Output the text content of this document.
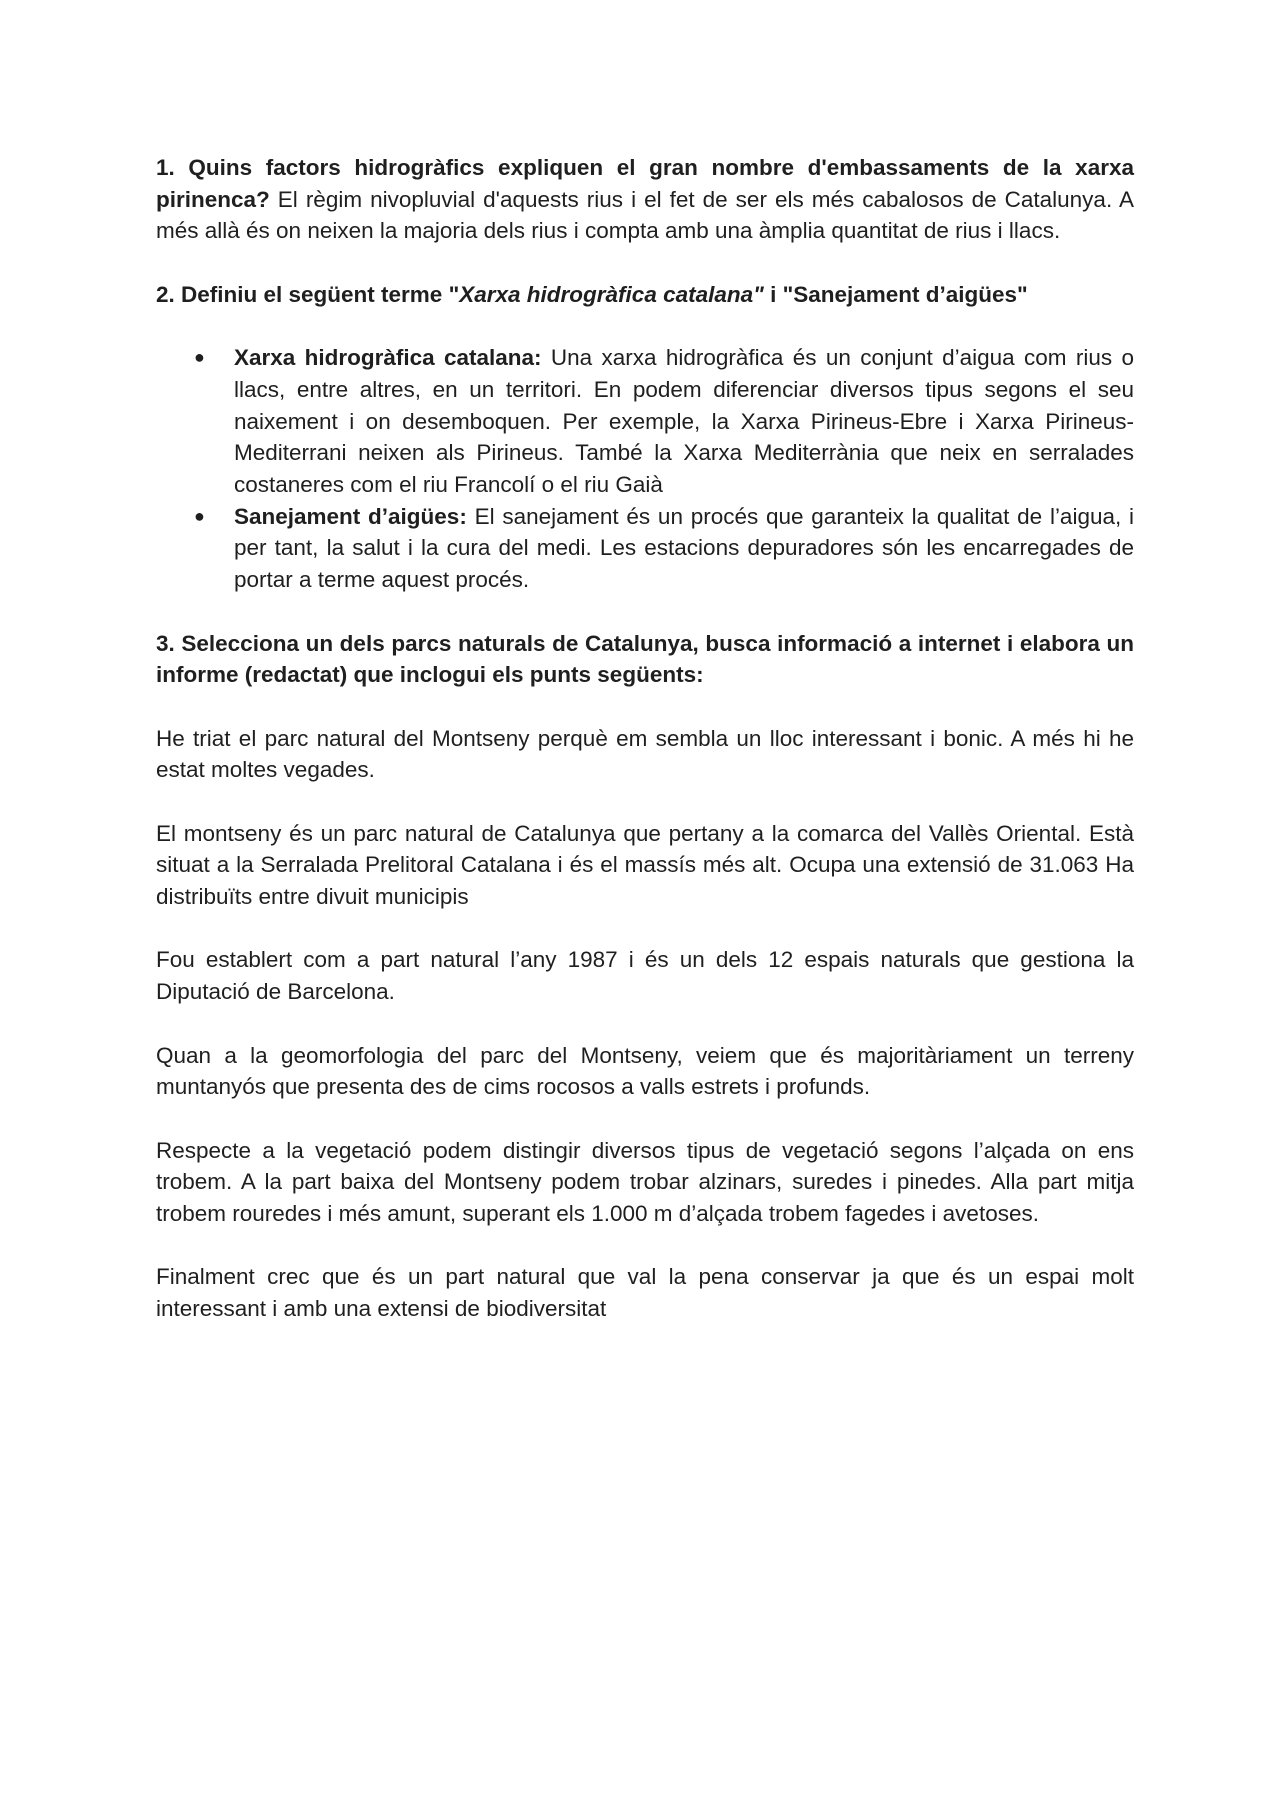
1. Quins factors hidrogràfics expliquen el gran nombre d'embassaments de la xarxa pirinenca? El règim nivopluvial d'aquests rius i el fet de ser els més cabalosos de Catalunya. A més allà és on neixen la majoria dels rius i compta amb una àmplia quantitat de rius i llacs.

2. Definiu el següent terme "Xarxa hidrogràfica catalana" i "Sanejament d’aigües"

● Xarxa hidrogràfica catalana: Una xarxa hidrogràfica és un conjunt d’aigua com rius o llacs, entre altres, en un territori. En podem diferenciar diversos tipus segons el seu naixement i on desemboquen. Per exemple, la Xarxa Pirineus-Ebre i Xarxa Pirineus-Mediterrani neixen als Pirineus. També la Xarxa Mediterrània que neix en serralades costaneres com el riu Francolí o el riu Gaià
● Sanejament d’aigües: El sanejament és un procés que garanteix la qualitat de l’aigua, i per tant, la salut i la cura del medi. Les estacions depuradores són les encarregades de portar a terme aquest procés.

3. Selecciona un dels parcs naturals de Catalunya, busca informació a internet i elabora un informe (redactat) que inclogui els punts següents:

He triat el parc natural del Montseny perquè em sembla un lloc interessant i bonic. A més hi he estat moltes vegades.

El montseny és un parc natural de Catalunya que pertany a la comarca del Vallès Oriental. Està situat a la Serralada Prelitoral Catalana i és el massís més alt. Ocupa una extensió de 31.063 Ha distribuïts entre divuit municipis

Fou establert com a part natural l’any 1987 i és un dels 12 espais naturals que gestiona la Diputació de Barcelona.

Quan a la geomorfologia del parc del Montseny, veiem que és majoritàriament un terreny muntanyós que presenta des de cims rocosos a valls estrets i profunds.

Respecte a la vegetació podem distingir diversos tipus de vegetació segons l’alçada on ens trobem. A la part baixa del Montseny podem trobar alzinars, suredes i pinedes. Alla part mitja trobem rouredes i més amunt, superant els 1.000 m d’alçada trobem fagedes i avetoses.

Finalment crec que és un part natural que val la pena conservar ja que és un espai molt interessant i amb una extensi de biodiversitat
